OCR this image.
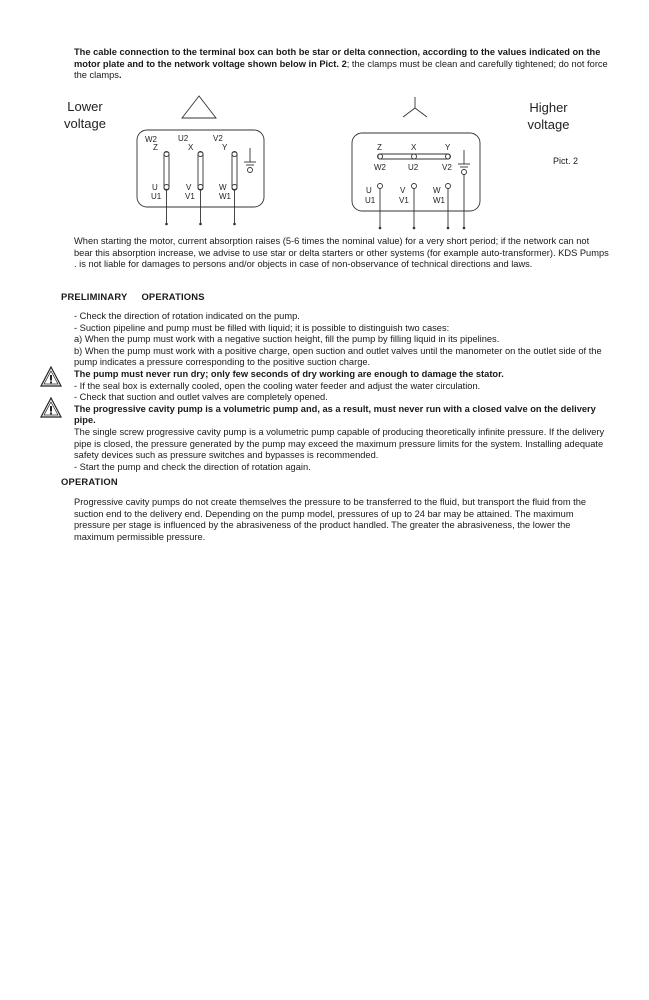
The cable connection to the terminal box can both be star or delta connection, according to the values indicated on the motor plate and to the network voltage shown below in Pict. 2; the clamps must be clean and carefully tightened; do not force the clamps.
Lower
voltage
Higher
voltage
Pict. 2
W2	U2	V2
Z	X	Y
U	V	W
U1	V1	W1
Z	X	Y
W2	U2	V2
U	V	W
U1	V1	W1
When starting the motor, current absorption raises (5-6 times the nominal value) for a very short period; if the network can not bear this absorption increase, we advise to use star or delta starters or other systems (for example auto-transformer). KDS Pumps . is not liable for damages to persons and/or objects in case of non-observance of technical directions and laws.
PRELIMINARY OPERATIONS
- Check the direction of rotation indicated on the pump.
- Suction pipeline and pump must be filled with liquid; it is possible to distinguish two cases:
a) When the pump must work with a negative suction height, fill the pump by filling liquid in its pipelines.
b) When the pump must work with a positive charge, open suction and outlet valves until the manometer on the outlet side of the pump indicates a pressure corresponding to the positive suction charge.
The pump must never run dry; only few seconds of dry working are enough to damage the stator.
- If the seal box is externally cooled, open the cooling water feeder and adjust the water circulation.
- Check that suction and outlet valves are completely opened.
The progressive cavity pump is a volumetric pump and, as a result, must never run with a closed valve on the delivery pipe.
The single screw progressive cavity pump is a volumetric pump capable of producing theoretically infinite pressure. If the delivery pipe is closed, the pressure generated by the pump may exceed the maximum pressure limits for the system. Installing adequate safety devices such as pressure switches and bypasses is recommended.
- Start the pump and check the direction of rotation again.
OPERATION
Progressive cavity pumps do not create themselves the pressure to be transferred to the fluid, but transport the fluid from the suction end to the delivery end. Depending on the pump model, pressures of up to 24 bar may be attained. The maximum pressure per stage is influenced by the abrasiveness of the product handled. The greater the abrasiveness, the lower the maximum permissible pressure.
